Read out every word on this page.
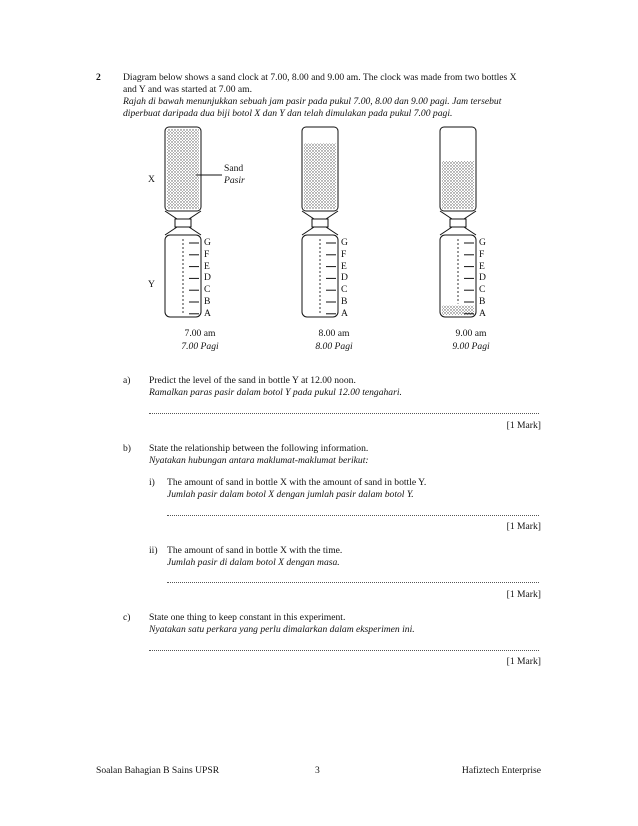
2 Diagram below shows a sand clock at 7.00, 8.00 and 9.00 am. The clock was made from two bottles X
and Y and was started at 7.00 am.
Rajah di bawah menunjukkan sebuah jam pasir pada pukul 7.00, 8.00 dan 9.00 pagi. Jam tersebut
diperbuat daripada dua biji botol X dan Y dan telah dimulakan pada pukul 7.00 pagi.
X
Y
Sand
Pasir
G
F
E
D
C
B
A
G
F
E
D
C
B
A
G
F
E
D
C
B
A
7.00 am
7.00 Pagi
8.00 am
8.00 Pagi
9.00 am
9.00 Pagi
a) Predict the level of the sand in bottle Y at 12.00 noon.
Ramalkan paras pasir dalam botol Y pada pukul 12.00 tengahari.
[1 Mark]
b) State the relationship between the following information.
Nyatakan hubungan antara maklumat-maklumat berikut:
i) The amount of sand in bottle X with the amount of sand in bottle Y.
Jumlah pasir dalam botol X dengan jumlah pasir dalam botol Y.
[1 Mark]
ii) The amount of sand in bottle X with the time.
Jumlah pasir di dalam botol X dengan masa.
[1 Mark]
c) State one thing to keep constant in this experiment.
Nyatakan satu perkara yang perlu dimalarkan dalam eksperimen ini.
[1 Mark]
Soalan Bahagian B Sains UPSR	3	Hafiztech Enterprise
